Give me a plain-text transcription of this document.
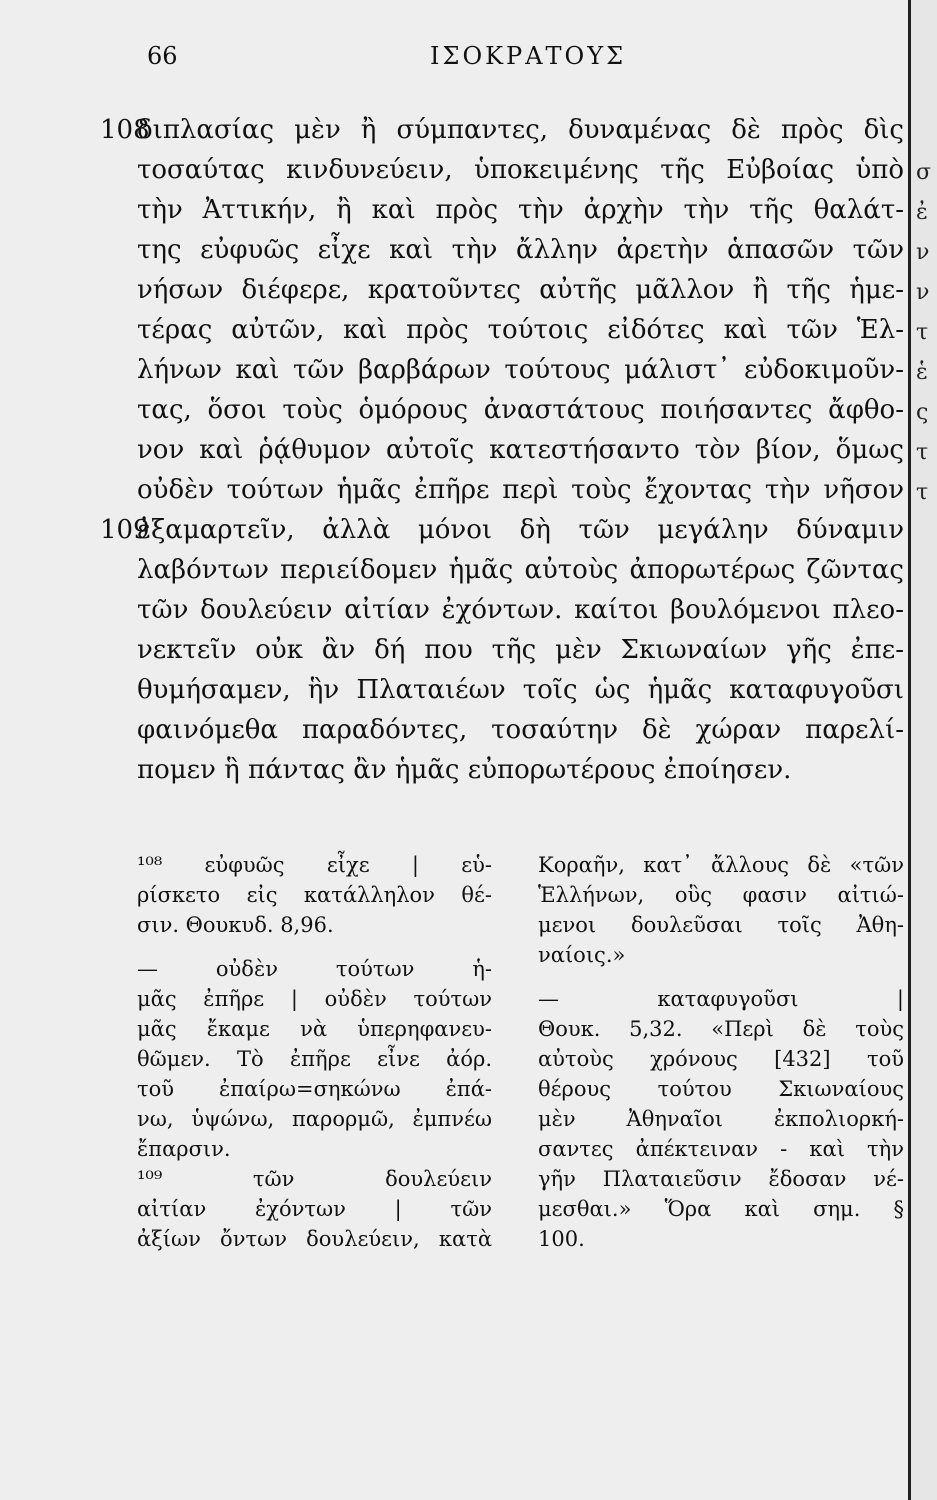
66	ΙΣΟΚΡΑΤΟΥΣ
108
109
διπλασίας μὲν ἢ σύμπαντες, δυναμένας δὲ πρὸς δὶς
τοσαύτας κινδυνεύειν, ὑποκειμένης τῆς Εὐβοίας ὑπὸ
τὴν Ἀττικήν, ἢ καὶ πρὸς τὴν ἀρχὴν τὴν τῆς θαλάτ-
της εὐφυῶς εἶχε καὶ τὴν ἄλλην ἀρετὴν ἁπασῶν τῶν
νήσων διέφερε, κρατοῦντες αὐτῆς μᾶλλον ἢ τῆς ἡμε-
τέρας αὐτῶν, καὶ πρὸς τούτοις εἰδότες καὶ τῶν Ἑλ-
λήνων καὶ τῶν βαρβάρων τούτους μάλιστ᾽ εὐδοκιμοῦν-
τας, ὅσοι τοὺς ὁμόρους ἀναστάτους ποιήσαντες ἄφθο-
νον καὶ ῥᾴθυμον αὐτοῖς κατεστήσαντο τὸν βίον, ὅμως
οὐδὲν τούτων ἡμᾶς ἐπῆρε περὶ τοὺς ἔχοντας τὴν νῆσον
ἐξαμαρτεῖν, ἀλλὰ μόνοι δὴ τῶν μεγάλην δύναμιν
λαβόντων περιείδομεν ἡμᾶς αὐτοὺς ἀπορωτέρως ζῶντας
τῶν δουλεύειν αἰτίαν ἐχόντων. καίτοι βουλόμενοι πλεο-
νεκτεῖν οὐκ ἂν δή που τῆς μὲν Σκιωναίων γῆς ἐπε-
θυμήσαμεν, ἣν Πλαταιέων τοῖς ὡς ἡμᾶς καταφυγοῦσι
φαινόμεθα παραδόντες, τοσαύτην δὲ χώραν παρελί-
πομεν ἣ πάντας ἂν ἡμᾶς εὐπορωτέρους ἐποίησεν.
¹⁰⁸ εὐφυῶς εἶχε | εὑ-
ρίσκετο εἰς κατάλληλον θέ-
σιν. Θουκυδ. 8,96.
— οὐδὲν τούτων ἡ-
μᾶς ἐπῆρε | οὐδὲν τούτων
μᾶς ἔκαμε νὰ ὑπερηφανευ-
θῶμεν. Τὸ ἐπῆρε εἶνε ἀόρ.
τοῦ ἐπαίρω=σηκώνω ἐπά-
νω, ὑψώνω, παρορμῶ, ἐμπνέω
ἔπαρσιν.
¹⁰⁹ τῶν δουλεύειν
αἰτίαν ἐχόντων | τῶν
ἀξίων ὄντων δουλεύειν, κατὰ
Κοραῆν, κατ᾽ ἄλλους δὲ «τῶν
Ἑλλήνων, οὓς φασιν αἰτιώ-
μενοι δουλεῦσαι τοῖς Ἀθη-
ναίοις.»
— καταφυγοῦσι |
Θουκ. 5,32. «Περὶ δὲ τοὺς
αὐτοὺς χρόνους [432] τοῦ
θέρους τούτου Σκιωναίους
μὲν Ἀθηναῖοι ἐκπολιορκή-
σαντες ἀπέκτειναν - καὶ τὴν
γῆν Πλαταιεῦσιν ἔδοσαν νέ-
μεσθαι.» Ὅρα καὶ σημ. §
100.
σ
ἐ
ν
ν
τ
ἑ
ς
τ
τ
